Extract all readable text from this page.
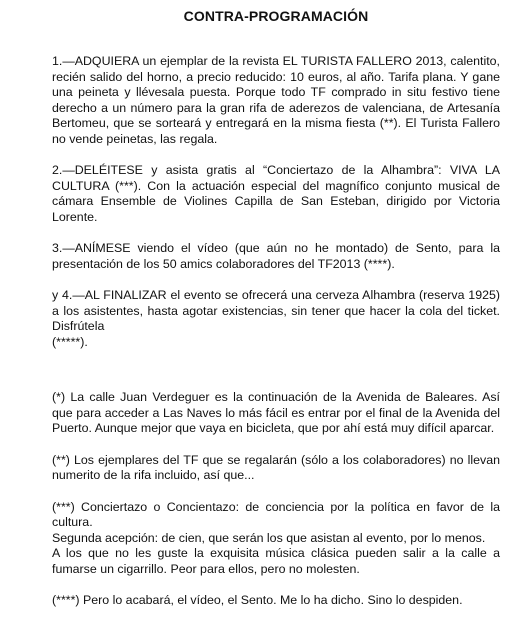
CONTRA-PROGRAMACIÓN

1.—ADQUIERA un ejemplar de la revista EL TURISTA FALLERO 2013, calentito, recién salido del horno, a precio reducido: 10 euros, al año. Tarifa plana. Y gane una peineta y llévesala puesta. Porque todo TF comprado in situ festivo tiene derecho a un número para la gran rifa de aderezos de valenciana, de Artesanía Bertomeu, que se sorteará y entregará en la misma fiesta (**). El Turista Fallero no vende peinetas, las regala.

2.—DELÉITESE y asista gratis al “Conciertazo de la Alhambra”: VIVA LA CULTURA (***). Con la actuación especial del magnífico conjunto musical de cámara Ensemble de Violines Capilla de San Esteban, dirigido por Victoria Lorente.

3.—ANÍMESE viendo el vídeo (que aún no he montado) de Sento, para la presentación de los 50 amics colaboradores del TF2013 (****).

y 4.—AL FINALIZAR el evento se ofrecerá una cerveza Alhambra (reserva 1925) a los asistentes, hasta agotar existencias, sin tener que hacer la cola del ticket. Disfrútela

(*****).

(*) La calle Juan Verdeguer es la continuación de la Avenida de Baleares. Así que para acceder a Las Naves lo más fácil es entrar por el final de la Avenida del Puerto. Aunque mejor que vaya en bicicleta, que por ahí está muy difícil aparcar.

(**) Los ejemplares del TF que se regalarán (sólo a los colaboradores) no llevan numerito de la rifa incluido, así que...

(***) Conciertazo o Concientazo: de conciencia por la política en favor de la cultura.

Segunda acepción: de cien, que serán los que asistan al evento, por lo menos.

A los que no les guste la exquisita música clásica pueden salir a la calle a fumarse un cigarrillo. Peor para ellos, pero no molesten.

(****) Pero lo acabará, el vídeo, el Sento. Me lo ha dicho. Sino lo despiden.
